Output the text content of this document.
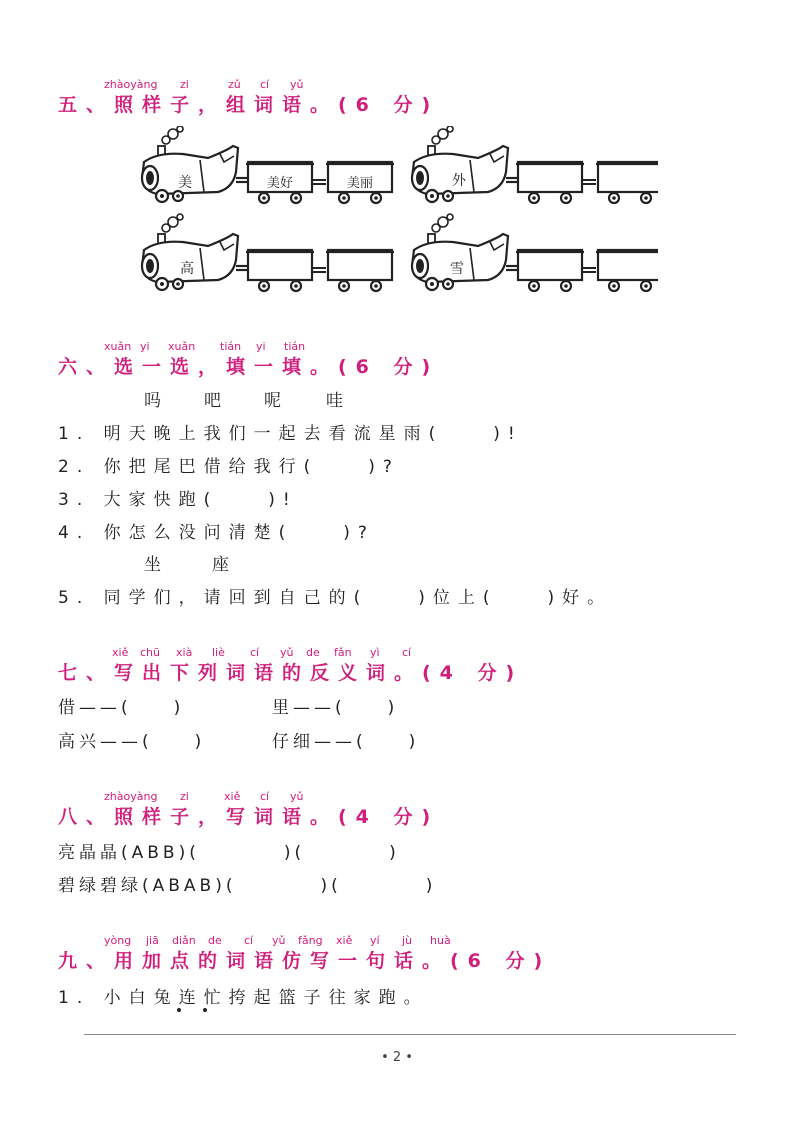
zhàoyàng zi	zǔ cí yǔ
五、照样子，组词语。(6 分)
美	美好	美丽	外
高	雪
xuǎn yi xuǎn tián yi tián
六、选一选，填一填。(6 分)
吗	吧	呢	哇
1. 明天晚上我们一起去看流星雨(　　)!
2. 你把尾巴借给我行(　　)?
3. 大家快跑(　　)!
4. 你怎么没问清楚(　　)?
坐	座
5. 同学们，请回到自己的(　　)位上(　　)好。
xiě chū xià liè cí yǔ de fǎn yì cí
七、写出下列词语的反义词。(4 分)
借——(　　)	里——(　　)
高兴——(　　)	仔细——(　　)
zhàoyàng zi	xiě cí yǔ
八、照样子，写词语。(4 分)
亮晶晶(ABB)(　　　　)(　　　　)
碧绿碧绿(ABAB)(　　　　)(　　　　)
yòng jiā diǎn de cí yǔ fǎng xiě yí jù huà
九、用加点的词语仿写一句话。(6 分)
1. 小白兔连忙挎起篮子往家跑。
• 2 •
